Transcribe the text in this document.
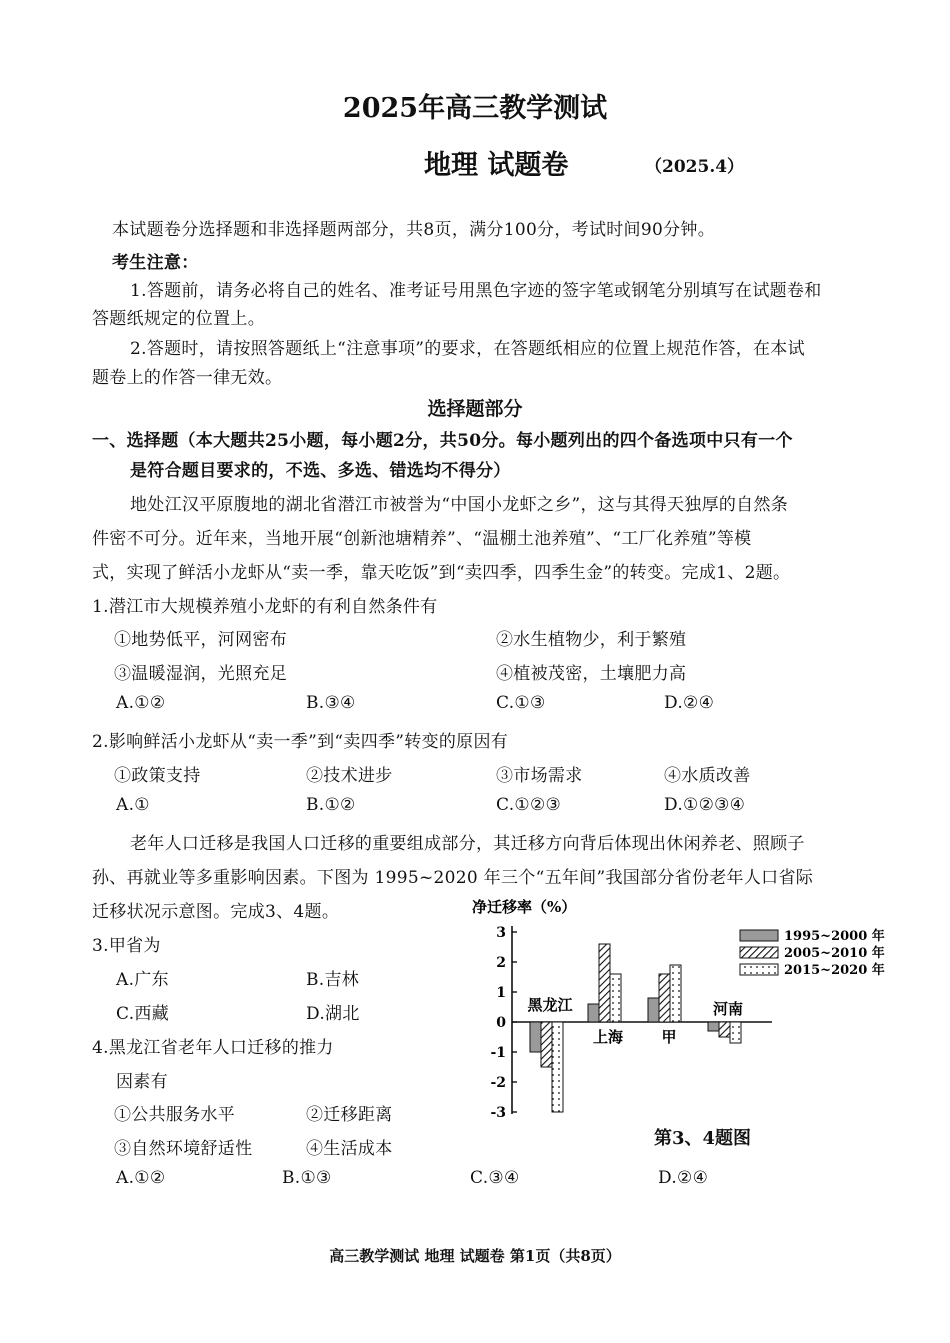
2025年高三教学测试
地理 试题卷	（2025.4）
本试题卷分选择题和非选择题两部分，共8页，满分100分，考试时间90分钟。
考生注意：
1.答题前，请务必将自己的姓名、准考证号用黑色字迹的签字笔或钢笔分别填写在试题卷和
答题纸规定的位置上。
2.答题时，请按照答题纸上“注意事项”的要求，在答题纸相应的位置上规范作答，在本试
题卷上的作答一律无效。
选择题部分
一、选择题（本大题共25小题，每小题2分，共50分。每小题列出的四个备选项中只有一个
是符合题目要求的，不选、多选、错选均不得分）
地处江汉平原腹地的湖北省潜江市被誉为“中国小龙虾之乡”，这与其得天独厚的自然条
件密不可分。近年来，当地开展“创新池塘精养”、“温棚土池养殖”、“工厂化养殖”等模
式，实现了鲜活小龙虾从“卖一季，靠天吃饭”到“卖四季，四季生金”的转变。完成1、2题。
1.潜江市大规模养殖小龙虾的有利自然条件有
①地势低平，河网密布	②水生植物少，利于繁殖
③温暖湿润，光照充足	④植被茂密，土壤肥力高
A.①②	B.③④	C.①③	D.②④
2.影响鲜活小龙虾从“卖一季”到“卖四季”转变的原因有
①政策支持	②技术进步	③市场需求	④水质改善
A.①	B.①②	C.①②③	D.①②③④
老年人口迁移是我国人口迁移的重要组成部分，其迁移方向背后体现出休闲养老、照顾子
孙、再就业等多重影响因素。下图为 1995~2020 年三个“五年间”我国部分省份老年人口省际
迁移状况示意图。完成3、4题。
3.甲省为
A.广东	B.吉林
C.西藏	D.湖北
4.黑龙江省老年人口迁移的推力
因素有
①公共服务水平	②迁移距离
③自然环境舒适性	④生活成本
A.①②	B.①③	C.③④	D.②④
净迁移率（%）
3
2
1
0
-1
-2
-3
黑龙江
上海	甲
河南
1995~2000 年
2005~2010 年
2015~2020 年
第3、4题图
高三教学测试 地理 试题卷 第1页（共8页）
